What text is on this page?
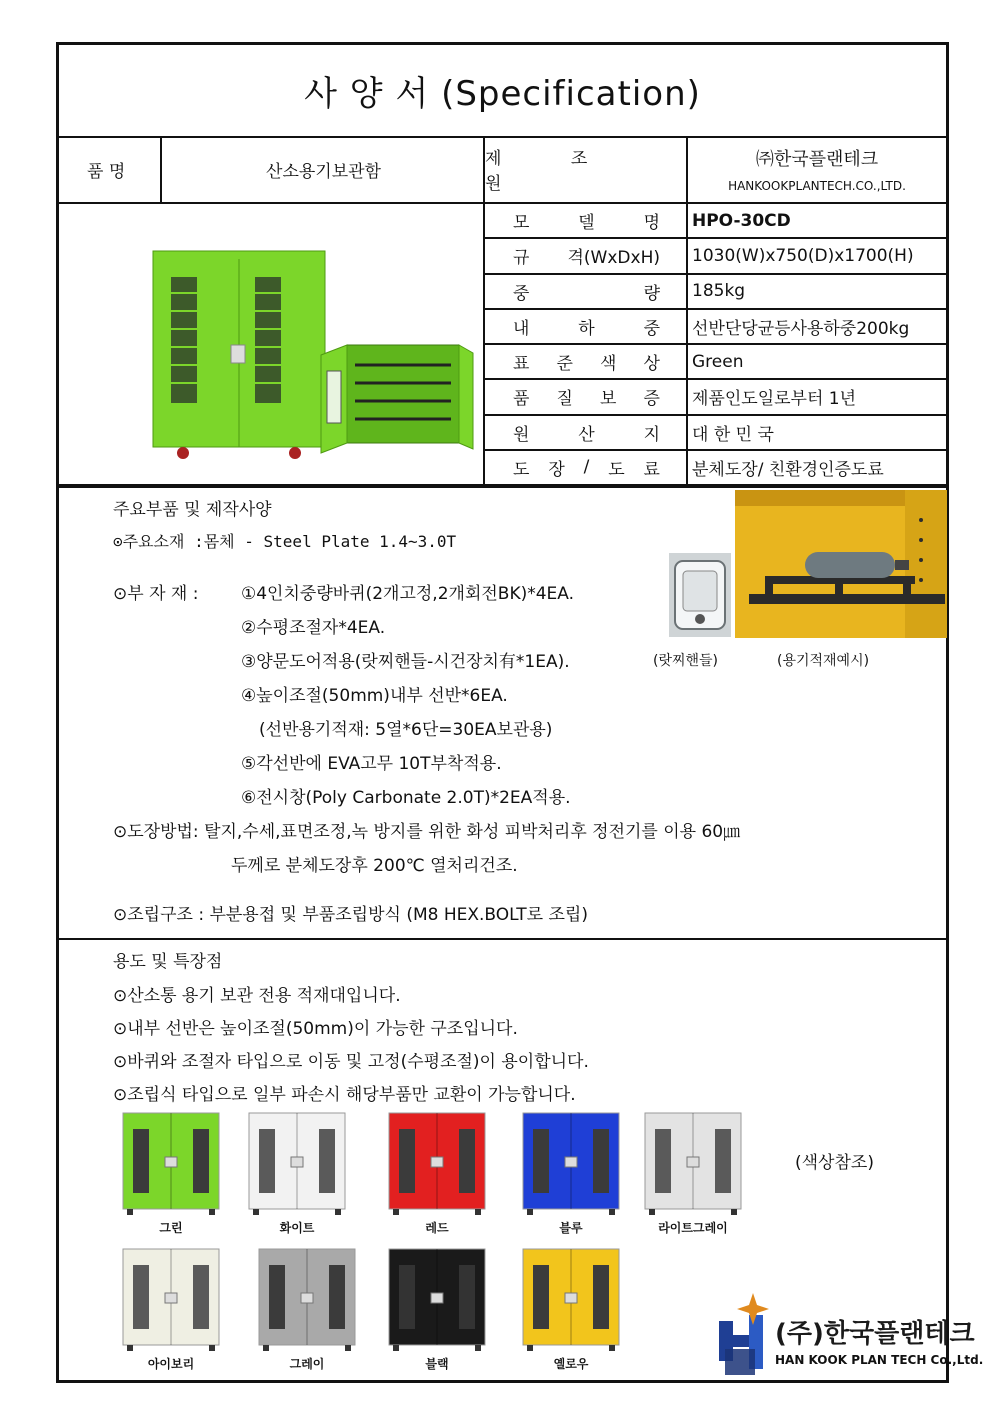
사 양 서 (Specification)
품 명	산소용기보관함
제 조 원
㈜한국플랜테크
HANKOOKPLANTECH.CO.,LTD.
모	델	명	HPO-30CD
규 격(WxDxH)	1030(W)x750(D)x1700(H)
중	량	185kg
내	하	중	선반단당균등사용하중200kg
표 준 색 상	Green
품 질 보 증	제품인도일로부터 1년
원	산	지	대 한 민 국
도 장 / 도 료	분체도장/ 친환경인증도료
주요부품 및 제작사양
⊙주요소재 :몸체 - Steel Plate 1.4~3.0T
⊙부 자 재 :	①4인치중량바퀴(2개고정,2개회전BK)*4EA.
②수평조절자*4EA.
③양문도어적용(랏찌핸들-시건장치有*1EA).
④높이조절(50mm)내부 선반*6EA.
(선반용기적재: 5열*6단=30EA보관용)
⑤각선반에 EVA고무 10T부착적용.
⑥전시창(Poly Carbonate 2.0T)*2EA적용.
(랏찌핸들)	(용기적재예시)
⊙도장방법: 탈지,수세,표면조정,녹 방지를 위한 화성 피박처리후 정전기를 이용 60㎛
두께로 분체도장후 200℃ 열처리건조.
⊙조립구조 : 부분용접 및 부품조립방식 (M8 HEX.BOLT로 조립)
용도 및 특장점
⊙산소통 용기 보관 전용 적재대입니다.
⊙내부 선반은 높이조절(50mm)이 가능한 구조입니다.
⊙바퀴와 조절자 타입으로 이동 및 고정(수평조절)이 용이합니다.
⊙조립식 타입으로 일부 파손시 해당부품만 교환이 가능합니다.
(색상참조)
그린	화이트	레드	블루	라이트그레이
아이보리	그레이	블랙	옐로우
(주)한국플랜테크
HAN KOOK PLAN TECH Co.,Ltd.
